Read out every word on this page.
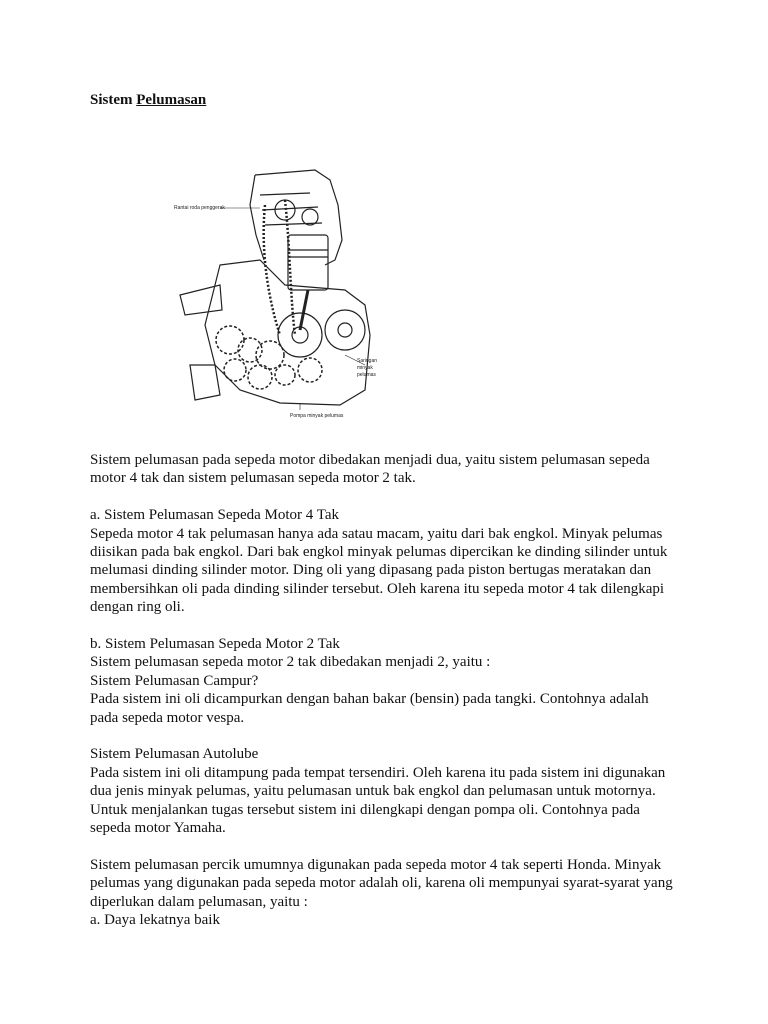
Sistem Pelumasan
Rantai rodа penggerak
Saringan
minyak
pelumas
Pompa minyak pelumas

Sistem pelumasan pada sepeda motor dibedakan menjadi dua, yaitu sistem pelumasan sepeda

motor 4 tak dan sistem pelumasan sepeda motor 2 tak.

a. Sistem Pelumasan Sepeda Motor 4 Tak

Sepeda motor 4 tak pelumasan hanya ada satau macam, yaitu dari bak engkol. Minyak pelumas

diisikan pada bak engkol. Dari bak engkol minyak pelumas dipercikan ke dinding silinder untuk

melumasi dinding silinder motor. Ding oli yang dipasang pada piston bertugas meratakan dan

membersihkan oli pada dinding silinder tersebut. Oleh karena itu sepeda motor 4 tak dilengkapi

dengan ring oli.

b. Sistem Pelumasan Sepeda Motor 2 Tak

Sistem pelumasan sepeda motor 2 tak dibedakan menjadi 2, yaitu :

Sistem Pelumasan Campur?

Pada sistem ini oli dicampurkan dengan bahan bakar (bensin) pada tangki. Contohnya adalah

pada sepeda motor vespa.

Sistem Pelumasan Autolube

Pada sistem ini oli ditampung pada tempat tersendiri. Oleh karena itu pada sistem ini digunakan

dua jenis minyak pelumas, yaitu pelumasan untuk bak engkol dan pelumasan untuk motornya.

Untuk menjalankan tugas tersebut sistem ini dilengkapi dengan pompa oli. Contohnya pada

sepeda motor Yamaha.

Sistem pelumasan percik umumnya digunakan pada sepeda motor 4 tak seperti Honda. Minyak

pelumas yang digunakan pada sepeda motor adalah oli, karena oli mempunyai syarat-syarat yang

diperlukan dalam pelumasan, yaitu :

a. Daya lekatnya baik
